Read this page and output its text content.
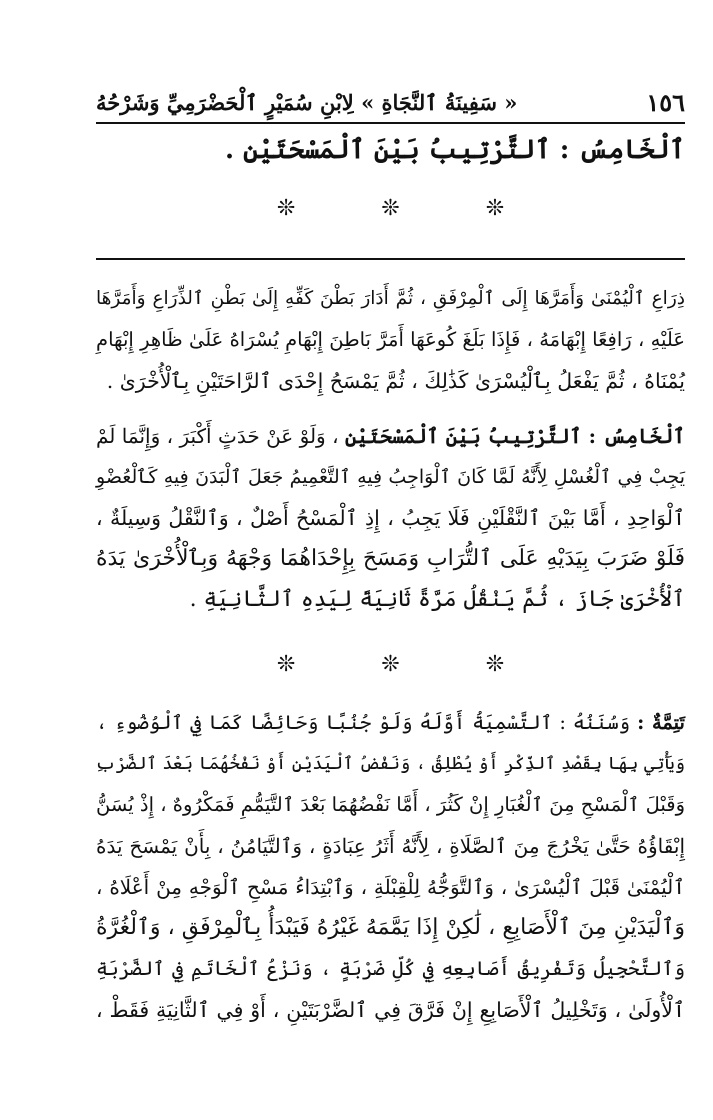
١٥٦
« سَفِينَةُ ٱلنَّجَاةِ » لِابْنِ سُمَيْرٍ ٱلْحَضْرَمِيِّ وَشَرْحُهُ
ٱلْخَامِسُ : ٱلتَّرْتِيبُ بَيْنَ ٱلْمَسْحَتَيْنِ .
❊
❊
❊
ذِرَاعِ ٱلْيُمْنَىٰ وَأَمَرَّهَا إِلَى ٱلْمِرْفَقِ ، ثُمَّ أَدَارَ بَطْنَ كَفِّهِ إِلَىٰ بَطْنِ ٱلذِّرَاعِ وَأَمَرَّهَا
عَلَيْهِ ، رَافِعًا إِبْهَامَهُ ، فَإِذَا بَلَغَ كُوعَهَا أَمَرَّ بَاطِنَ إِبْهَامِ يُسْرَاهُ عَلَىٰ ظَاهِرِ إِبْهَامِ
يُمْنَاهُ ، ثُمَّ يَفْعَلُ بِٱلْيُسْرَىٰ كَذَٰلِكَ ، ثُمَّ يَمْسَحُ إِحْدَى ٱلرَّاحَتَيْنِ بِٱلْأُخْرَىٰ .
ٱلْخَامِسُ : ٱلتَّرْتِيبُ بَيْنَ ٱلْمَسْحَتَيْنِ ، وَلَوْ عَنْ حَدَثٍ أَكْبَرَ ، وَإِنَّمَا لَمْ
يَجِبْ فِي ٱلْغُسْلِ لِأَنَّهُ لَمَّا كَانَ ٱلْوَاجِبُ فِيهِ ٱلتَّعْمِيمُ جَعَلَ ٱلْبَدَنَ فِيهِ كَٱلْعُضْوِ
ٱلْوَاحِدِ ، أَمَّا بَيْنَ ٱلنَّقْلَيْنِ فَلَا يَجِبُ ، إِذِ ٱلْمَسْحُ أَصْلٌ ، وَٱلنَّقْلُ وَسِيلَةٌ ،
فَلَوْ ضَرَبَ بِيَدَيْهِ عَلَى ٱلتُّرَابِ وَمَسَحَ بِإِحْدَاهُمَا وَجْهَهُ وَبِٱلْأُخْرَىٰ يَدَهُ
ٱلْأُخْرَىٰ جَازَ ، ثُمَّ يَنْقُلُ مَرَّةً ثَانِيَةً لِيَدِهِ ٱلثَّانِيَةِ .
❊
❊
❊
تَتِمَّةٌ : وَسُنَنُهُ : ٱلتَّسْمِيَةُ أَوَّلَهُ وَلَوْ جُنُبًا وَحَائِضًا كَمَا فِي ٱلْوُضُوءِ ،
وَيَأْتِي بِهَا بِقَصْدِ ٱلذِّكْرِ أَوْ يُطْلِقُ ، وَنَفْضُ ٱلْيَدَيْنِ أَوْ نَفْخُهُمَا بَعْدَ ٱلضَّرْبِ
وَقَبْلَ ٱلْمَسْحِ مِنَ ٱلْغُبَارِ إِنْ كَثُرَ ، أَمَّا نَفْضُهُمَا بَعْدَ ٱلتَّيَمُّمِ فَمَكْرُوهٌ ، إِذْ يُسَنُّ
إِبْقَاؤُهُ حَتَّىٰ يَخْرُجَ مِنَ ٱلصَّلَاةِ ، لِأَنَّهُ أَثَرُ عِبَادَةٍ ، وَٱلتَّيَامُنُ ، بِأَنْ يَمْسَحَ يَدَهُ
ٱلْيُمْنَىٰ قَبْلَ ٱلْيُسْرَىٰ ، وَٱلتَّوَجُّهُ لِلْقِبْلَةِ ، وَٱبْتِدَاءُ مَسْحِ ٱلْوَجْهِ مِنْ أَعْلَاهُ ،
وَٱلْيَدَيْنِ مِنَ ٱلْأَصَابِعِ ، لَٰكِنْ إِذَا يَمَّمَهُ غَيْرُهُ فَيَبْدَأُ بِٱلْمِرْفَقِ ، وَٱلْغُرَّةُ
وَٱلتَّحْجِيلُ وَتَفْرِيقُ أَصَابِعِهِ فِي كُلِّ ضَرْبَةٍ ، وَنَزْعُ ٱلْخَاتَمِ فِي ٱلضَّرْبَةِ
ٱلْأُولَىٰ ، وَتَخْلِيلُ ٱلْأَصَابِعِ إِنْ فَرَّقَ فِي ٱلضَّرْبَتَيْنِ ، أَوْ فِي ٱلثَّانِيَةِ فَقَطْ ،
